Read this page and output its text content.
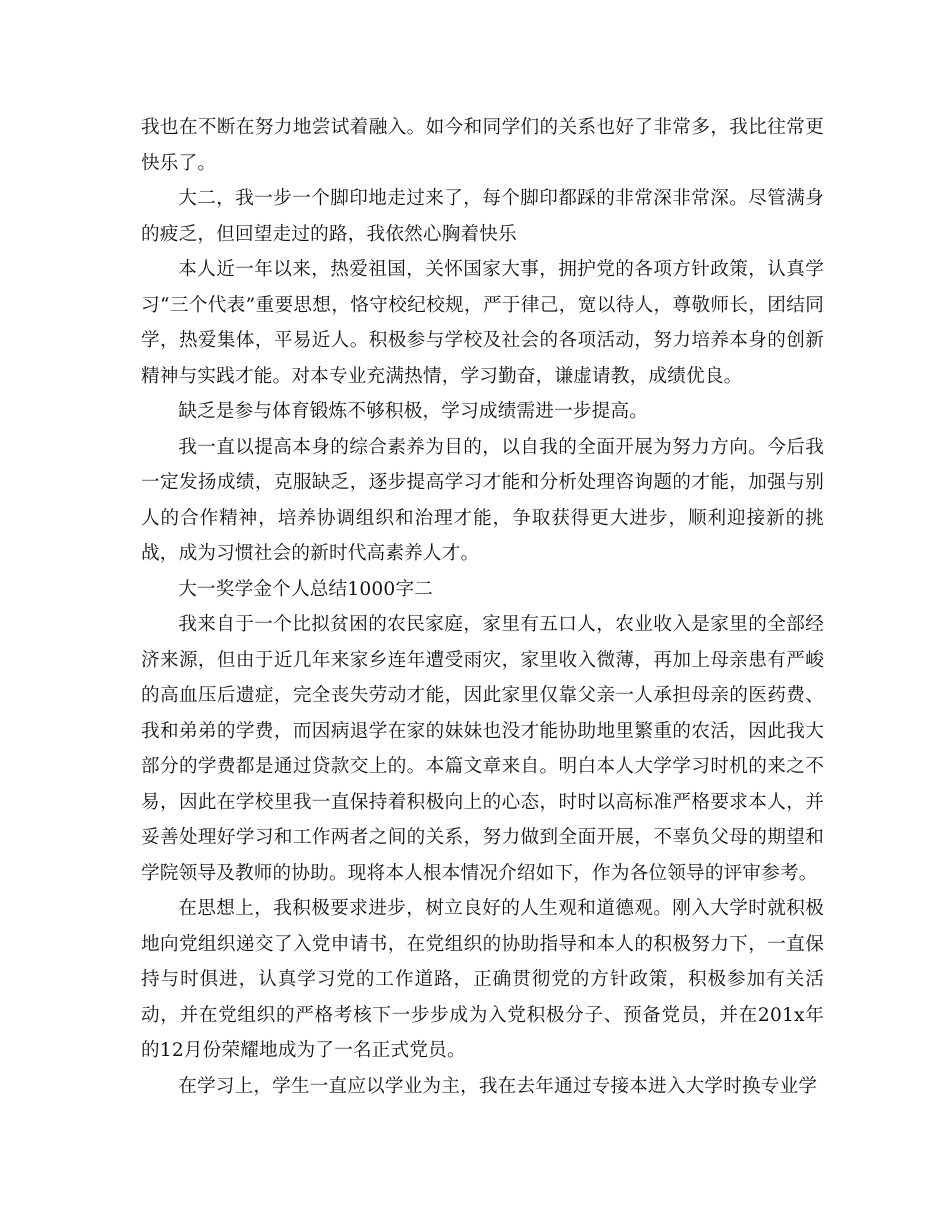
我也在不断在努力地尝试着融入。如今和同学们的关系也好了非常多，我比往常更快乐了。

大二，我一步一个脚印地走过来了，每个脚印都踩的非常深非常深。尽管满身的疲乏，但回望走过的路，我依然心胸着快乐

本人近一年以来，热爱祖国，关怀国家大事，拥护党的各项方针政策，认真学习“三个代表”重要思想，恪守校纪校规，严于律己，宽以待人，尊敬师长，团结同学，热爱集体，平易近人。积极参与学校及社会的各项活动，努力培养本身的创新精神与实践才能。对本专业充满热情，学习勤奋，谦虚请教，成绩优良。

缺乏是参与体育锻炼不够积极，学习成绩需进一步提高。

我一直以提高本身的综合素养为目的，以自我的全面开展为努力方向。今后我一定发扬成绩，克服缺乏，逐步提高学习才能和分析处理咨询题的才能，加强与别人的合作精神，培养协调组织和治理才能，争取获得更大进步，顺利迎接新的挑战，成为习惯社会的新时代高素养人才。

大一奖学金个人总结1000字二

我来自于一个比拟贫困的农民家庭，家里有五口人，农业收入是家里的全部经济来源，但由于近几年来家乡连年遭受雨灾，家里收入微薄，再加上母亲患有严峻的高血压后遗症，完全丧失劳动才能，因此家里仅靠父亲一人承担母亲的医药费、我和弟弟的学费，而因病退学在家的妹妹也没才能协助地里繁重的农活，因此我大部分的学费都是通过贷款交上的。本篇文章来自。明白本人大学学习时机的来之不易，因此在学校里我一直保持着积极向上的心态，时时以高标准严格要求本人，并妥善处理好学习和工作两者之间的关系，努力做到全面开展，不辜负父母的期望和学院领导及教师的协助。现将本人根本情况介绍如下，作为各位领导的评审参考。

在思想上，我积极要求进步，树立良好的人生观和道德观。刚入大学时就积极地向党组织递交了入党申请书，在党组织的协助指导和本人的积极努力下，一直保持与时俱进，认真学习党的工作道路，正确贯彻党的方针政策，积极参加有关活动，并在党组织的严格考核下一步步成为入党积极分子、预备党员，并在201x年的12月份荣耀地成为了一名正式党员。

在学习上，学生一直应以学业为主，我在去年通过专接本进入大学时换专业学
